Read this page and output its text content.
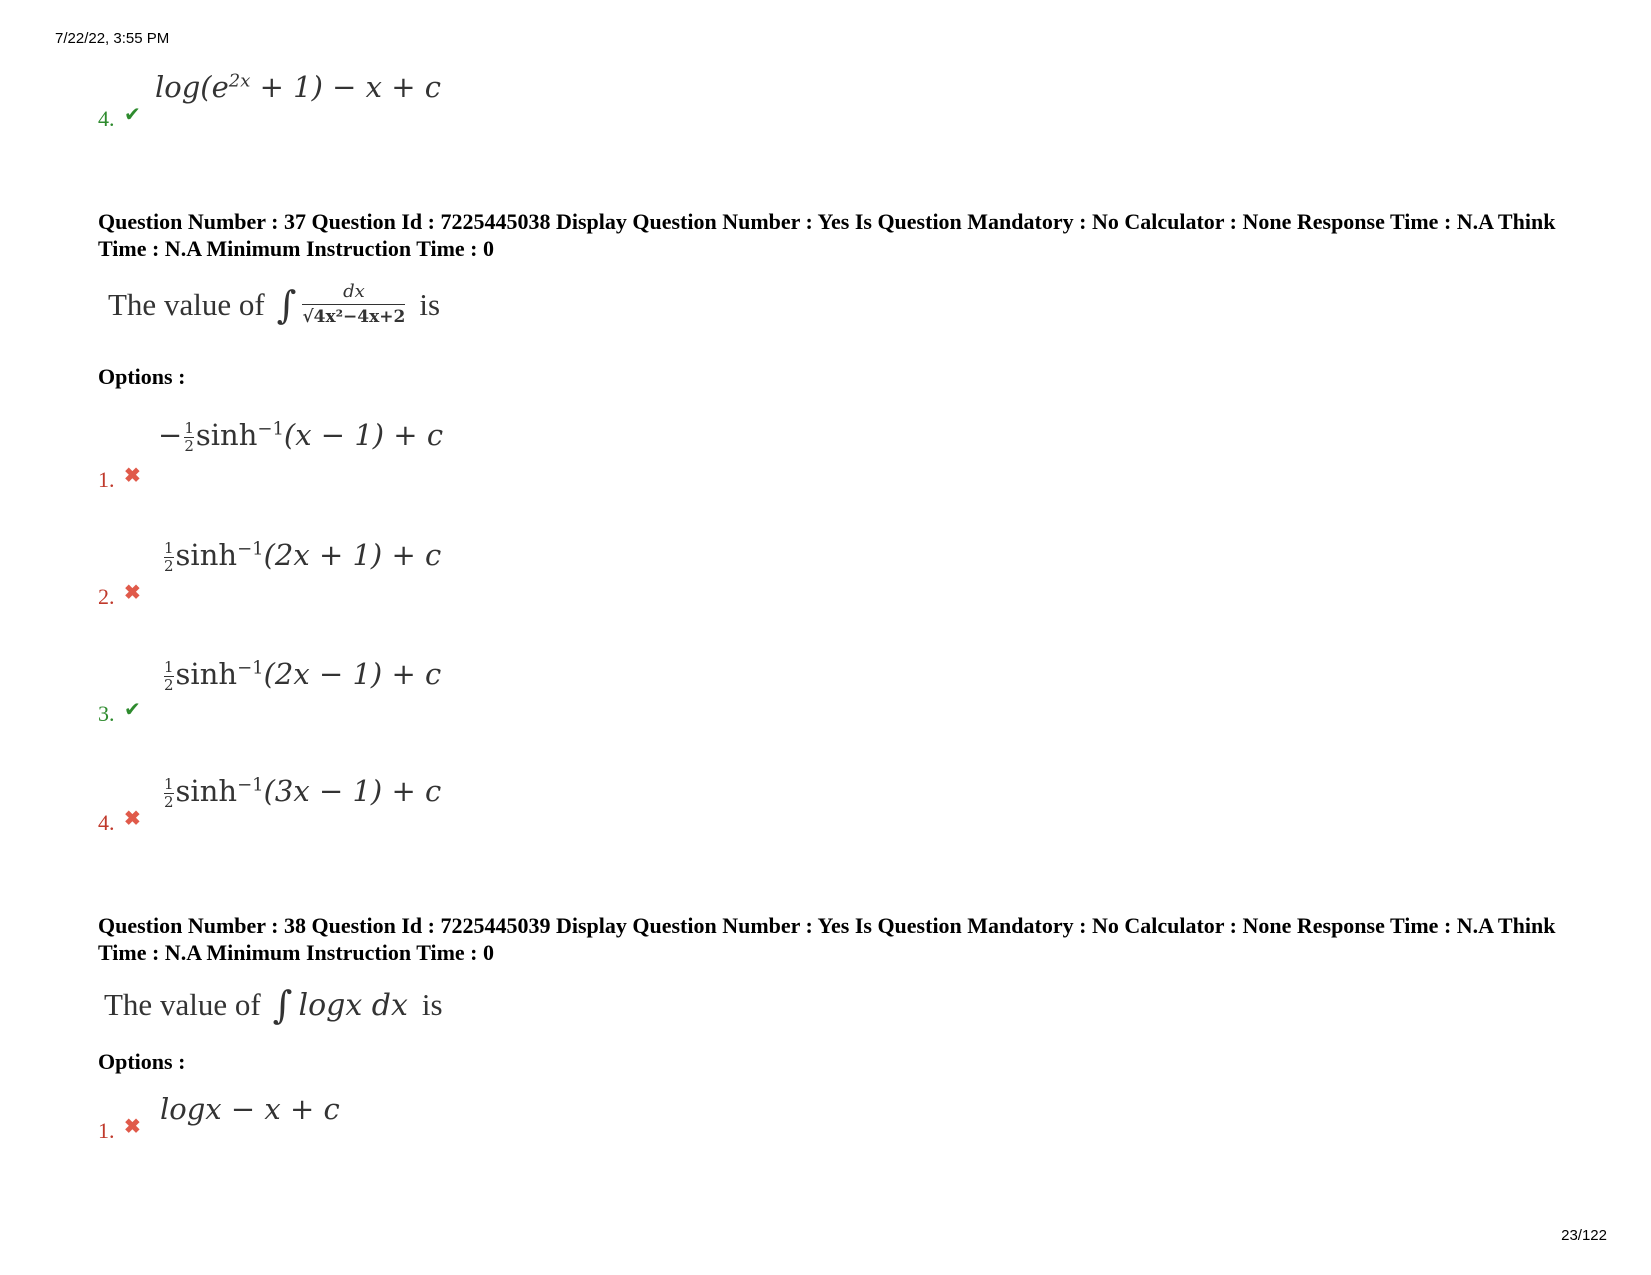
7/22/22, 3:55 PM
4. ✔
$\log(e^{2x} + 1) - x + c$
Question Number : 37 Question Id : 7225445038 Display Question Number : Yes Is Question Mandatory : No Calculator : None Response Time : N.A Think Time : N.A Minimum Instruction Time : 0
The value of ∫	dx
√4x²−4x+2 is
Options :
1. ✖
− $\frac{1}{2} \sinh^{-1}(x - 1) + c$
2. ✖
$\frac{1}{2} \sinh^{-1}(2x + 1) + c$
3. ✔
$\frac{1}{2} \sinh^{-1}(2x - 1) + c$
4. ✖
$\frac{1}{2} \sinh^{-1}(3x - 1) + c$
Question Number : 38 Question Id : 7225445039 Display Question Number : Yes Is Question Mandatory : No Calculator : None Response Time : N.A Think Time : N.A Minimum Instruction Time : 0
The value of ∫ logx dx is
Options :
1. ✖
logx − x + c
23/122
